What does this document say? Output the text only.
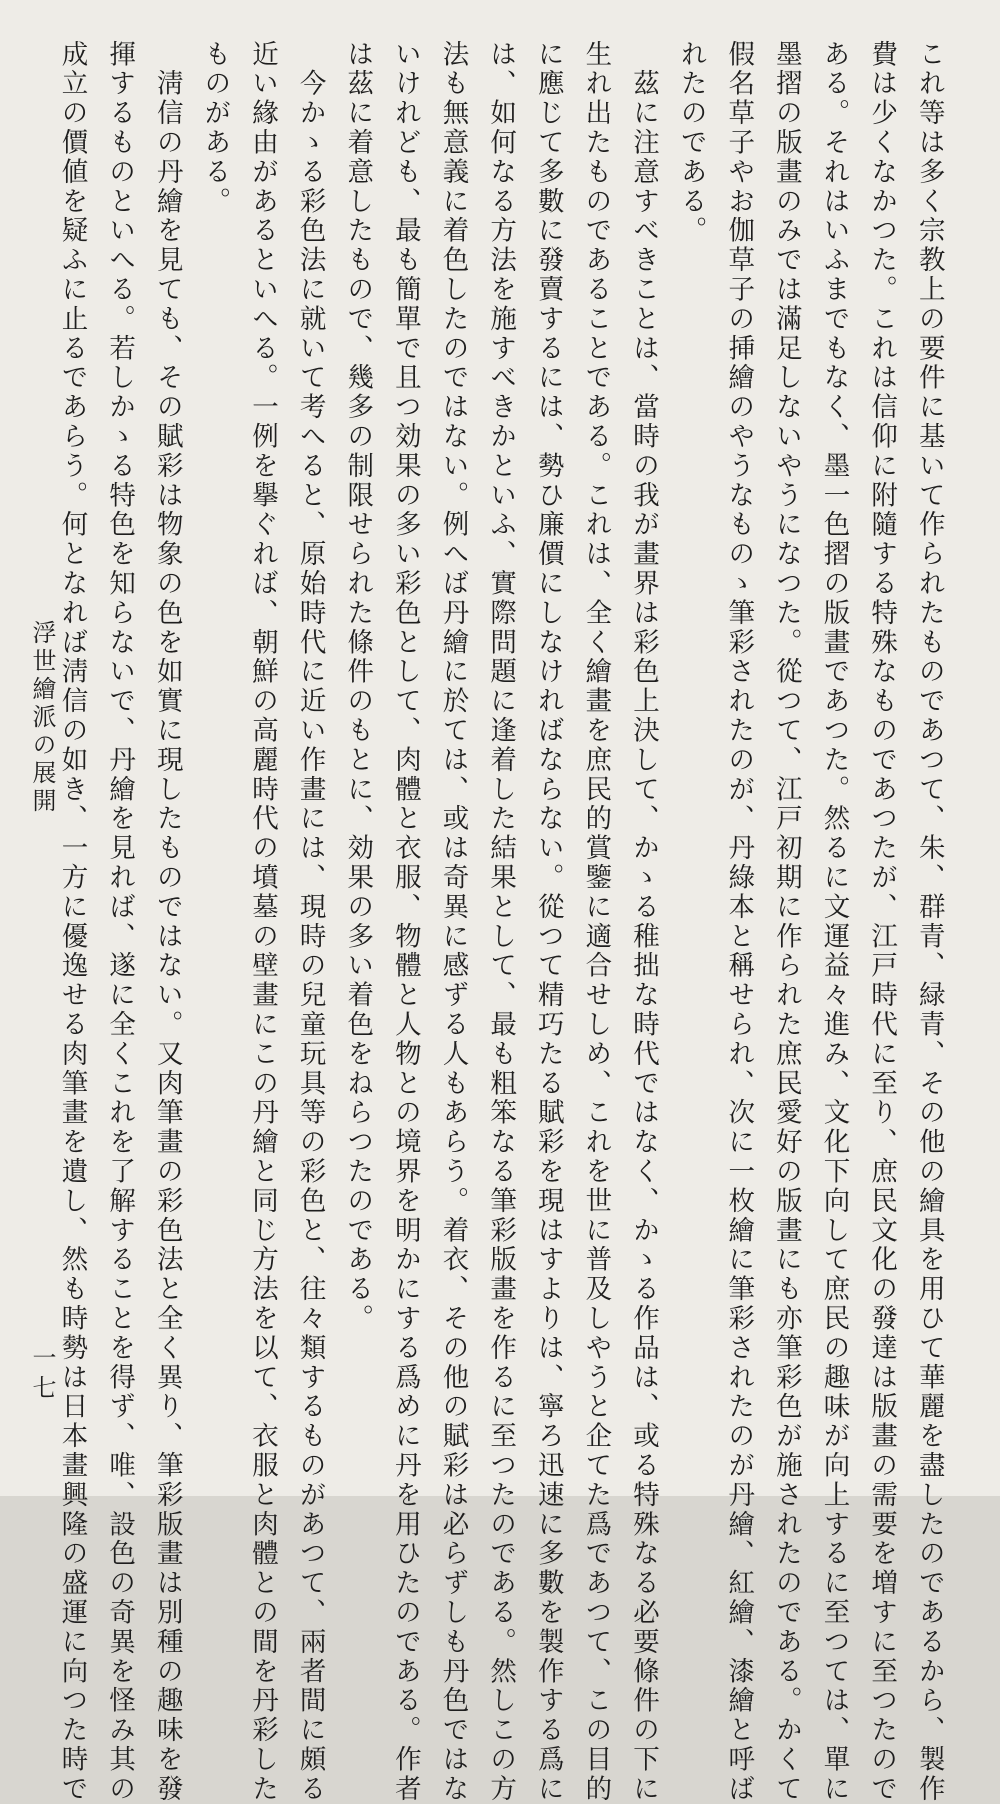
これ等は多く宗教上の要件に基いて作られたものであつて、朱、群青、緑青、その他の繪具を用ひて華麗を盡したのであるから、製作

費は少くなかつた。これは信仰に附隨する特殊なものであつたが、江戸時代に至り、庶民文化の發達は版畫の需要を増すに至つたので

ある。それはいふまでもなく、墨一色摺の版畫であつた。然るに文運益々進み、文化下向して庶民の趣味が向上するに至つては、單に

墨摺の版畫のみでは滿足しないやうになつた。從つて、江戸初期に作られた庶民愛好の版畫にも亦筆彩色が施されたのである。かくて

假名草子やお伽草子の挿繪のやうなものゝ筆彩されたのが、丹綠本と稱せられ、次に一枚繪に筆彩されたのが丹繪、紅繪、漆繪と呼ば

れたのである。

　茲に注意すべきことは、當時の我が畫界は彩色上決して、かゝる稚拙な時代ではなく、かゝる作品は、或る特殊なる必要條件の下に

生れ出たものであることである。これは、全く繪畫を庶民的賞鑒に適合せしめ、これを世に普及しやうと企てた爲であつて、この目的

に應じて多數に發賣するには、勢ひ廉價にしなければならない。從つて精巧たる賦彩を現はすよりは、寧ろ迅速に多數を製作する爲に

は、如何なる方法を施すべきかといふ、實際問題に逢着した結果として、最も粗笨なる筆彩版畫を作るに至つたのである。然しこの方

法も無意義に着色したのではない。例へば丹繪に於ては、或は奇異に感ずる人もあらう。着衣、その他の賦彩は必らずしも丹色ではな

いけれども、最も簡單で且つ効果の多い彩色として、肉體と衣服、物體と人物との境界を明かにする爲めに丹を用ひたのである。作者

は茲に着意したもので、幾多の制限せられた條件のもとに、効果の多い着色をねらつたのである。

　今かゝる彩色法に就いて考へると、原始時代に近い作畫には、現時の兒童玩具等の彩色と、往々類するものがあつて、兩者間に頗る

近い緣由があるといへる。一例を擧ぐれば、朝鮮の高麗時代の墳墓の壁畫にこの丹繪と同じ方法を以て、衣服と肉體との間を丹彩した

ものがある。

　淸信の丹繪を見ても、その賦彩は物象の色を如實に現したものではない。又肉筆畫の彩色法と全く異り、筆彩版畫は別種の趣味を發

揮するものといへる。若しかゝる特色を知らないで、丹繪を見れば、遂に全くこれを了解することを得ず、唯、設色の奇異を怪み其の

成立の價値を疑ふに止るであらう。何となれば淸信の如き、一方に優逸せる肉筆畫を遺し、然も時勢は日本畫興隆の盛運に向つた時で

浮世繪派の展開

一七
